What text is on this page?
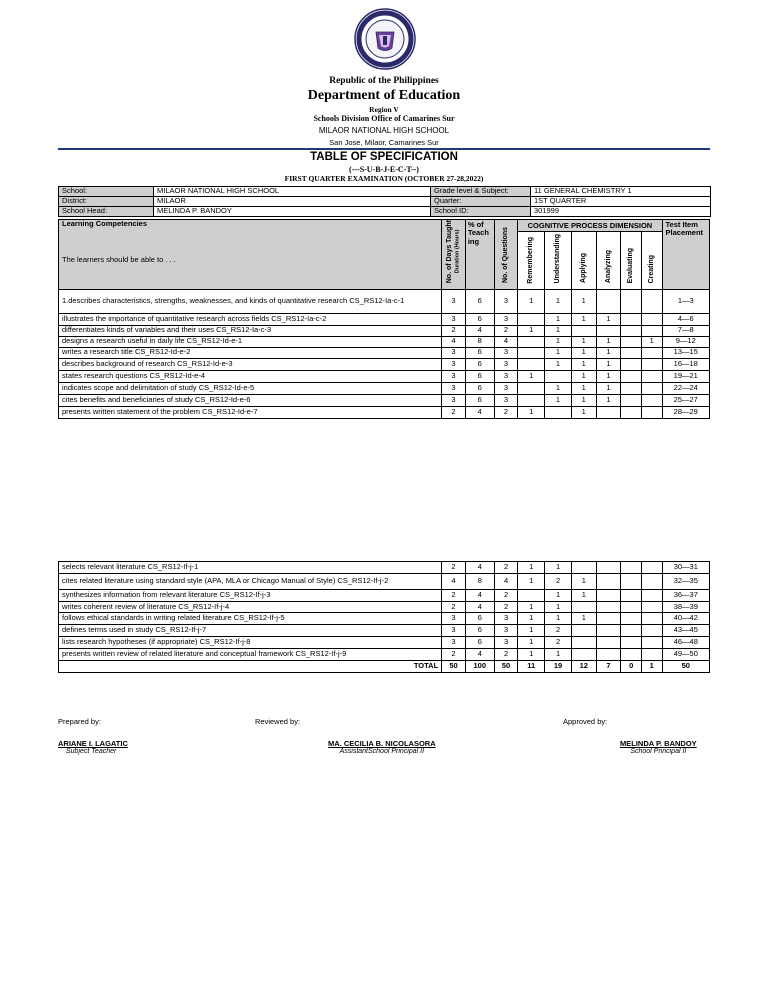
Republic of the Philippines
Department of Education
Region V
Schools Division Office of Camarines Sur
MILAOR NATIONAL HIGH SCHOOL
San Jose, Milaor, Camarines Sur
TABLE OF SPECIFICATION
(---S-U-B-J-E-C-T--)
FIRST QUARTER EXAMINATION (OCTOBER 27-28,2022)
School:	MILAOR NATIONAL HIGH SCHOOL	Grade level & Subject:	11 GENERAL CHEMISTRY 1
District:	MILAOR	Quarter:	1ST QUARTER
School Head:	MELINDA P. BANDOY	School ID:	301999
Learning Competencies	No. of Days Taught Duration (Hours)	% of Teach ing	No. of Questions	COGNITIVE PROCESS DIMENSION						Test Item Placement
The learners should be able to . . .				Remembering	Understanding	Applying	Analyzing	Evaluating	Creating	
1.describes characteristics, strengths, weaknesses, and kinds of quantitative research CS_RS12-Ia-c-1	3	6	3	1	1	1				1—3
illustrates the importance of quantitative research across fields CS_RS12-Ia-c-2	3	6	3		1	1	1			4—6
differentiates kinds of variables and their uses CS_RS12-Ia-c-3	2	4	2	1	1					7—8
designs a research useful in daily life CS_RS12-Id-e-1	4	8	4		1	1	1		1	9—12
writes a research title CS_RS12-Id-e-2	3	6	3		1	1	1			13—15
describes background of research CS_RS12-Id-e-3	3	6	3		1	1	1			16—18
states research questions CS_RS12-Id-e-4	3	6	3	1		1	1			19—21
indicates scope and delimitation of study CS_RS12-Id-e-5	3	6	3		1	1	1			22—24
cites benefits and beneficiaries of study CS_RS12-Id-e-6	3	6	3		1	1	1			25—27
presents written statement of the problem CS_RS12-Id-e-7	2	4	2	1		1				28—29
selects relevant literature CS_RS12-If-j-1	2	4	2	1	1					30—31
cites related literature using standard style (APA, MLA or Chicago Manual of Style) CS_RS12-If-j-2	4	8	4	1	2	1				32—35
synthesizes information from relevant literature CS_RS12-If-j-3	2	4	2		1	1				36—37
writes coherent review of literature CS_RS12-If-j-4	2	4	2	1	1					38—39
follows ethical standards in writing related literature CS_RS12-If-j-5	3	6	3	1	1	1				40—42
defines terms used in study CS_RS12-If-j-7	3	6	3	1	2					43—45
lists research hypotheses (if appropriate) CS_RS12-If-j-8	3	6	3	1	2					46—48
presents written review of related literature and conceptual framework CS_RS12-If-j-9	2	4	2	1	1					49—50
TOTAL	50	100	50	11	19	12	7	0	1	50
Prepared by:	Reviewed by:	Approved by:
ARIANE I. LAGATIC
Subject Teacher
MA. CECILIA B. NICOLASORA
AssistantSchool Principal II
MELINDA P. BANDOY
School Principal II
